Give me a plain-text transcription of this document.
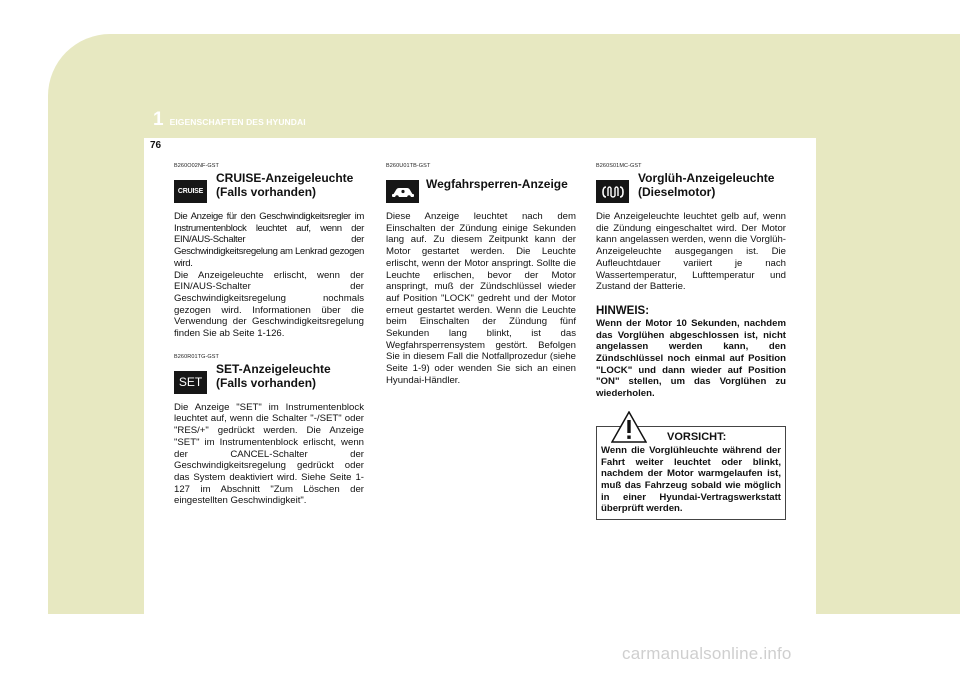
1 EIGENSCHAFTEN DES HYUNDAI
76
B260O02NF-GST
CRUISE
CRUISE-Anzeigeleuchte (Falls vorhanden)

Die Anzeige für den Geschwindigkeitsregler im Instrumentenblock leuchtet auf, wenn der EIN/AUS-Schalter der Geschwindigkeitsregelung am Lenkrad gezogen wird.

Die Anzeigeleuchte erlischt, wenn der EIN/AUS-Schalter der Geschwindigkeitsregelung nochmals gezogen wird. Informationen über die Verwendung der Geschwindigkeitsregelung finden Sie ab Seite 1-126.

B260R01TG-GST
SET
SET-Anzeigeleuchte (Falls vorhanden)

Die Anzeige "SET" im Instrumentenblock leuchtet auf, wenn die Schalter "-/SET" oder "RES/+" gedrückt werden. Die Anzeige "SET" im Instrumentenblock erlischt, wenn der CANCEL-Schalter der Geschwindigkeitsregelung gedrückt oder das System deaktiviert wird. Siehe Seite 1-127 im Abschnitt "Zum Löschen der eingestellten Geschwindigkeit".

B260U01TB-GST
Wegfahrsperren-Anzeige

Diese Anzeige leuchtet nach dem Einschalten der Zündung einige Sekunden lang auf. Zu diesem Zeitpunkt kann der Motor gestartet werden. Die Leuchte erlischt, wenn der Motor anspringt. Sollte die Leuchte erlischen, bevor der Motor anspringt, muß der Zündschlüssel wieder auf Position "LOCK" gedreht und der Motor erneut gestartet werden. Wenn die Leuchte beim Einschalten der Zündung fünf Sekunden lang blinkt, ist das Wegfahrsperrensystem gestört. Befolgen Sie in diesem Fall die Notfallprozedur (siehe Seite 1-9) oder wenden Sie sich an einen Hyundai-Händler.

B260S01MC-GST
Vorglüh-Anzeigeleuchte (Dieselmotor)

Die Anzeigeleuchte leuchtet gelb auf, wenn die Zündung eingeschaltet wird. Der Motor kann angelassen werden, wenn die Vorglüh-Anzeigeleuchte ausgegangen ist. Die Aufleuchtdauer variiert je nach Wassertemperatur, Lufttemperatur und Zustand der Batterie.

HINWEIS:
Wenn der Motor 10 Sekunden, nachdem das Vorglühen abgeschlossen ist, nicht angelassen werden kann, den Zündschlüssel noch einmal auf Position "LOCK" und dann wieder auf Position "ON" stellen, um das Vorglühen zu wiederholen.
VORSICHT:
Wenn die Vorglühleuchte während der Fahrt weiter leuchtet oder blinkt, nachdem der Motor warmgelaufen ist, muß das Fahrzeug sobald wie möglich in einer Hyundai-Vertragswerkstatt überprüft werden.
carmanualsonline.info
